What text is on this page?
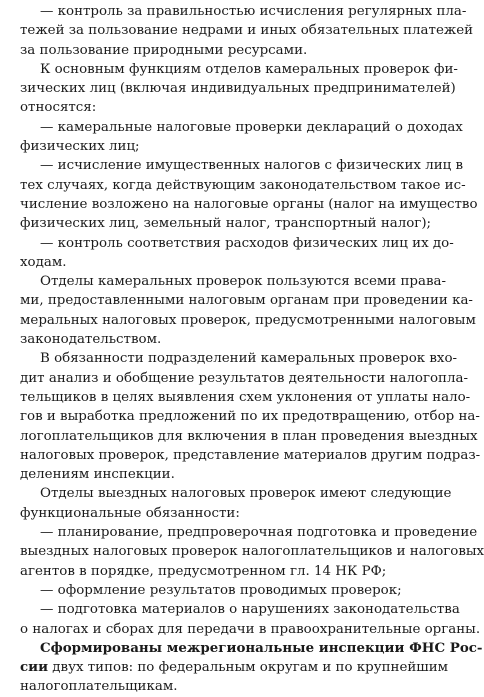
— контроль за правильностью исчисления регулярных пла-
тежей за пользование недрами и иных обязательных платежей
за пользование природными ресурсами.
К основным функциям отделов камеральных проверок фи-
зических лиц (включая индивидуальных предпринимателей)
относятся:
— камеральные налоговые проверки деклараций о доходах
физических лиц;
— исчисление имущественных налогов с физических лиц в
тех случаях, когда действующим законодательством такое ис-
числение возложено на налоговые органы (налог на имущество
физических лиц, земельный налог, транспортный налог);
— контроль соответствия расходов физических лиц их до-
ходам.
Отделы камеральных проверок пользуются всеми права-
ми, предоставленными налоговым органам при проведении ка-
меральных налоговых проверок, предусмотренными налоговым
законодательством.
В обязанности подразделений камеральных проверок вхо-
дит анализ и обобщение результатов деятельности налогопла-
тельщиков в целях выявления схем уклонения от уплаты нало-
гов и выработка предложений по их предотвращению, отбор на-
логоплательщиков для включения в план проведения выездных
налоговых проверок, представление материалов другим подраз-
делениям инспекции.
Отделы выездных налоговых проверок имеют следующие
функциональные обязанности:
— планирование, предпроверочная подготовка и проведение
выездных налоговых проверок налогоплательщиков и налоговых
агентов в порядке, предусмотренном гл. 14 НК РФ;
— оформление результатов проводимых проверок;
— подготовка материалов о нарушениях законодательства
о налогах и сборах для передачи в правоохранительные органы.
Сформированы межрегиональные инспекции ФНС Рос-
сии двух типов: по федеральным округам и по крупнейшим
налогоплательщикам.
